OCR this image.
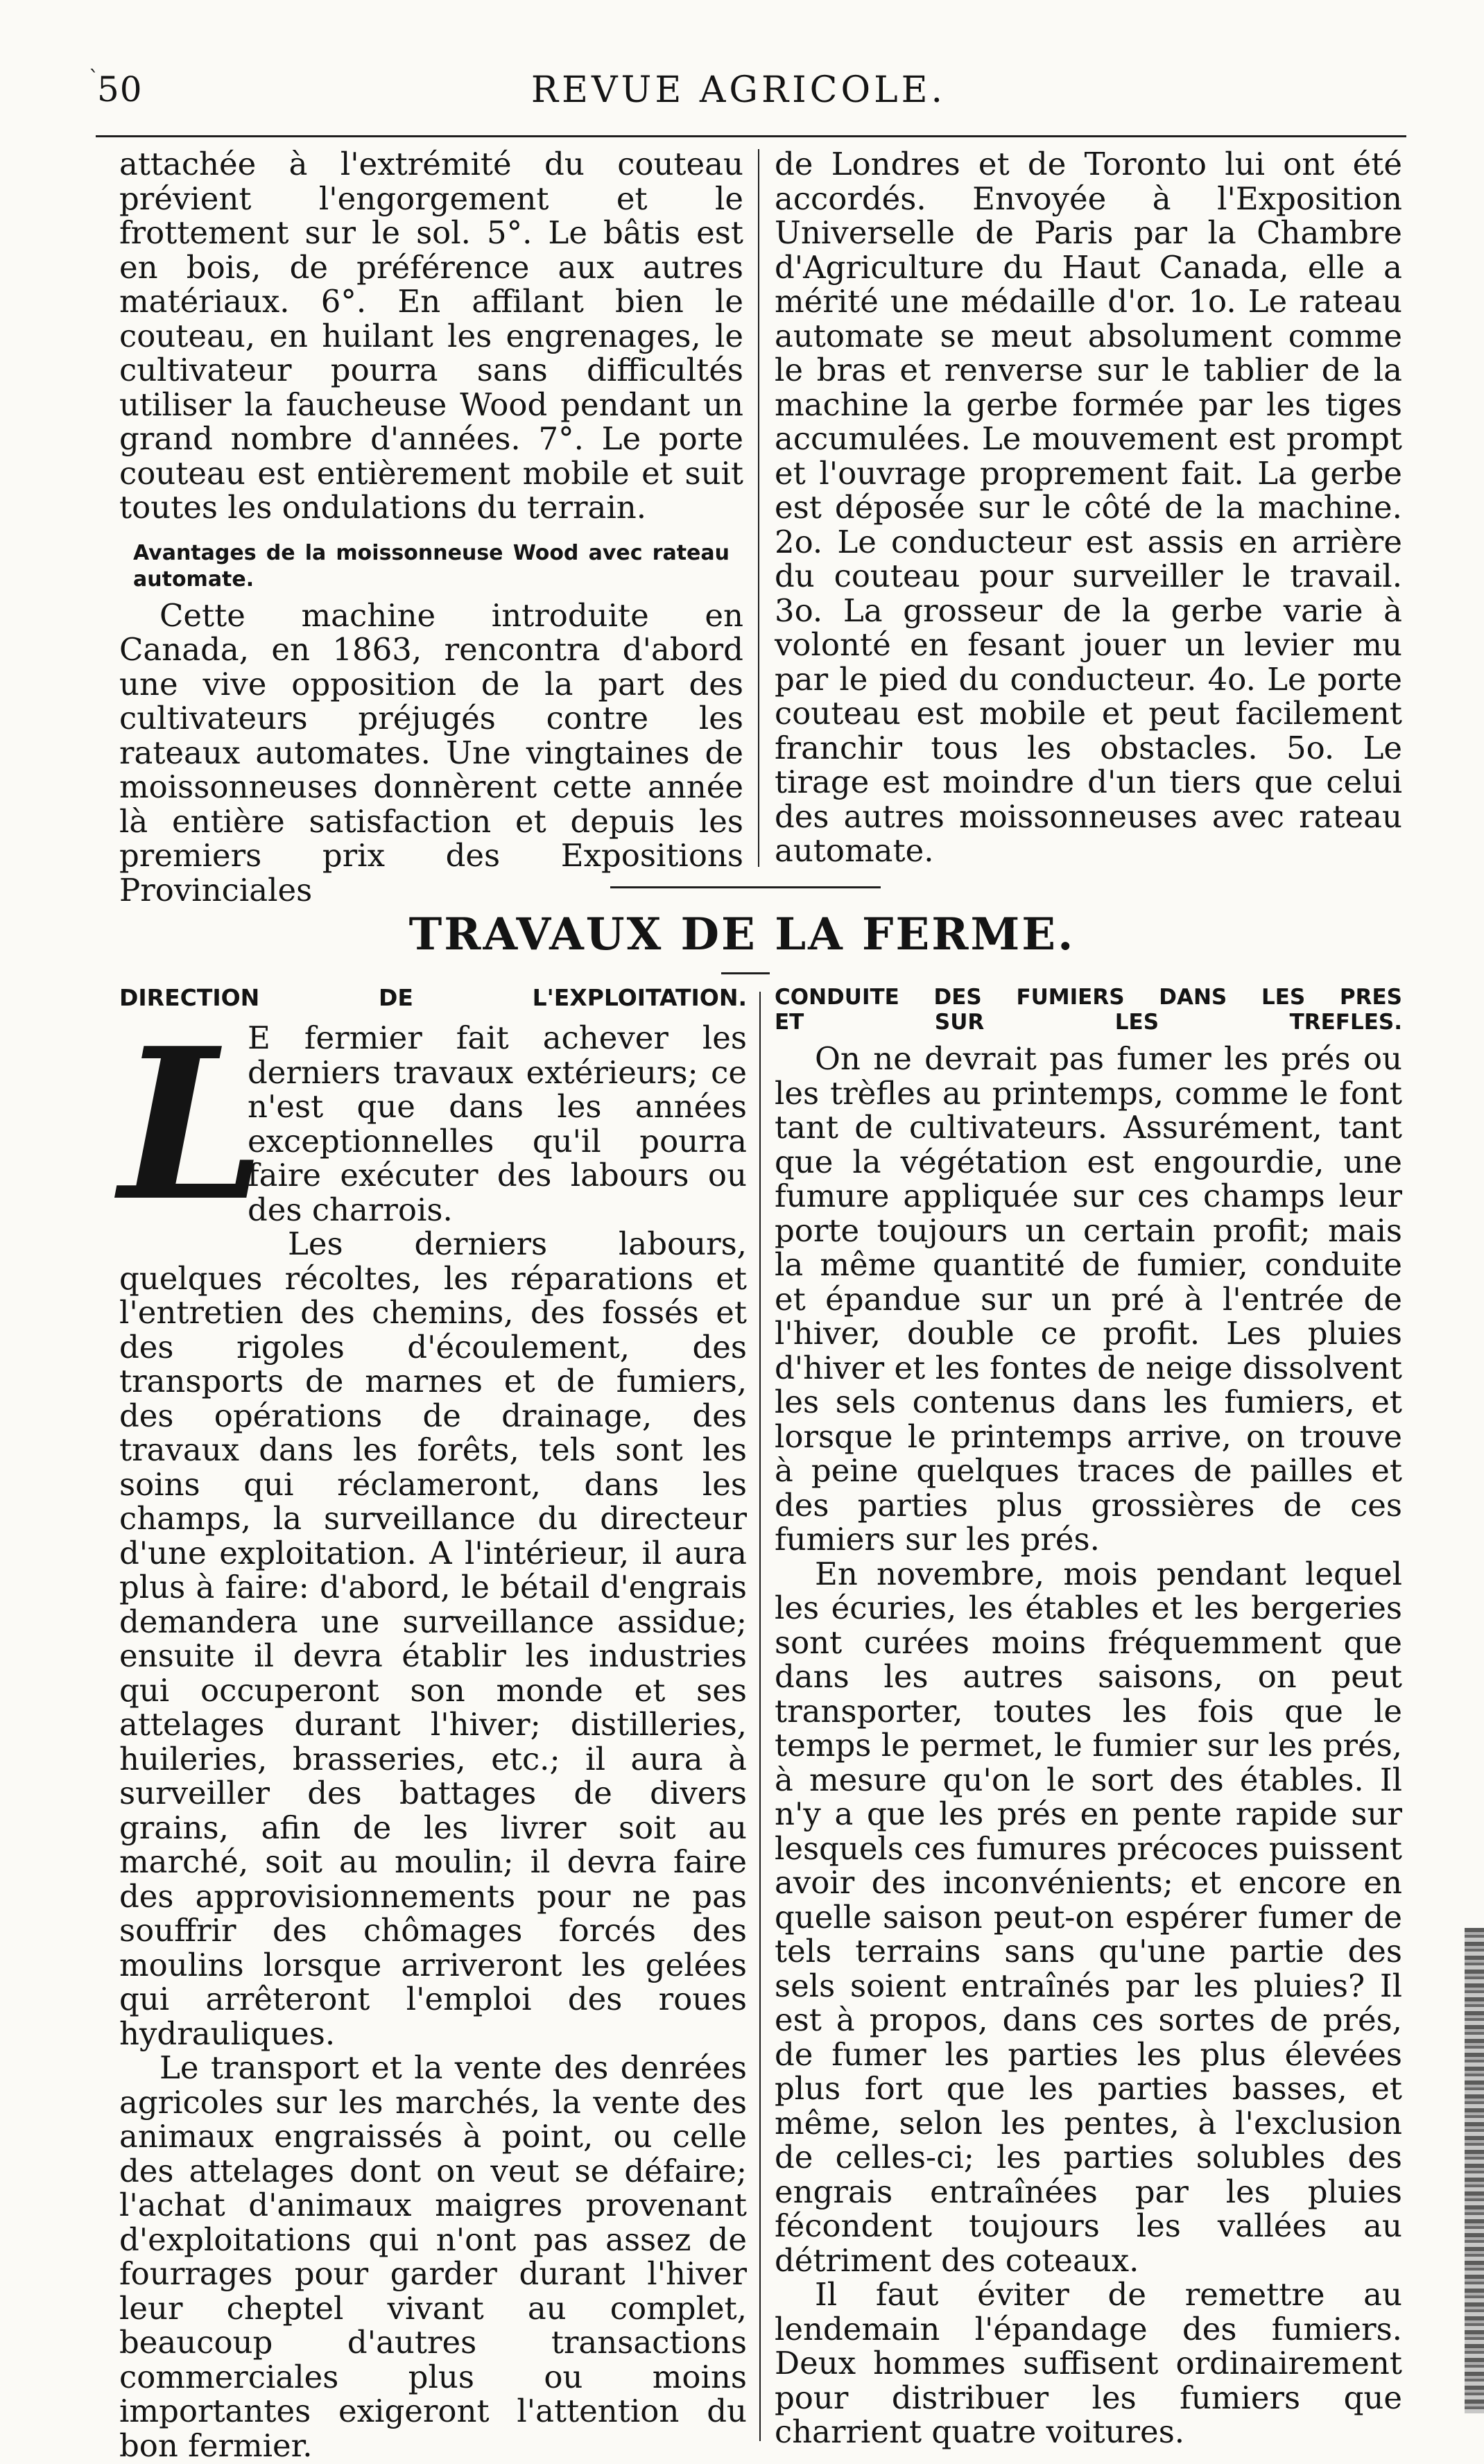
ˋ
50	REVUE AGRICOLE.

attachée à l'extrémité du couteau prévient l'engorgement et le frottement sur le sol. 5°. Le bâtis est en bois, de préférence aux autres matériaux. 6°. En affilant bien le couteau, en huilant les engrenages, le cultivateur pourra sans difficultés utiliser la faucheuse Wood pendant un grand nombre d'années. 7°. Le porte couteau est entièrement mobile et suit toutes les ondulations du terrain.

Avantages de la moissonneuse Wood avec rateau automate.

Cette machine introduite en Canada, en 1863, rencontra d'abord une vive opposition de la part des cultivateurs préjugés contre les rateaux automates. Une vingtaines de moissonneuses donnèrent cette année là entière satisfaction et depuis les premiers prix des Expositions Provinciales

de Londres et de Toronto lui ont été accordés. Envoyée à l'Exposition Universelle de Paris par la Chambre d'Agriculture du Haut Canada, elle a mérité une médaille d'or. 1o. Le rateau automate se meut absolument comme le bras et renverse sur le tablier de la machine la gerbe formée par les tiges accumulées. Le mouvement est prompt et l'ouvrage proprement fait. La gerbe est déposée sur le côté de la machine. 2o. Le conducteur est assis en arrière du couteau pour surveiller le travail. 3o. La grosseur de la gerbe varie à volonté en fesant jouer un levier mu par le pied du conducteur. 4o. Le porte couteau est mobile et peut facilement franchir tous les obstacles. 5o. Le tirage est moindre d'un tiers que celui des autres moissonneuses avec rateau automate.

TRAVAUX DE LA FERME.

DIRECTION DE L'EXPLOITATION.

L
E fermier fait achever les derniers travaux extérieurs; ce n'est que dans les années exceptionnelles qu'il pourra faire exécuter des labours ou des charrois.

Les derniers labours, quelques récoltes, les réparations et l'entretien des chemins, des fossés et des rigoles d'écoulement, des transports de marnes et de fumiers, des opérations de drainage, des travaux dans les forêts, tels sont les soins qui réclameront, dans les champs, la surveillance du directeur d'une exploitation. A l'intérieur, il aura plus à faire: d'abord, le bétail d'engrais demandera une surveillance assidue; ensuite il devra établir les industries qui occuperont son monde et ses attelages durant l'hiver; distilleries, huileries, brasseries, etc.; il aura à surveiller des battages de divers grains, afin de les livrer soit au marché, soit au moulin; il devra faire des approvisionnements pour ne pas souffrir des chômages forcés des moulins lorsque arriveront les gelées qui arrêteront l'emploi des roues hydrauliques.

Le transport et la vente des denrées agricoles sur les marchés, la vente des animaux engraissés à point, ou celle des attelages dont on veut se défaire; l'achat d'animaux maigres provenant d'exploitations qui n'ont pas assez de fourrages pour garder durant l'hiver leur cheptel vivant au complet, beaucoup d'autres transactions commerciales plus ou moins importantes exigeront l'attention du bon fermier.

CONDUITE DES FUMIERS DANS LES PRES

ET SUR LES TREFLES.

On ne devrait pas fumer les prés ou les trèfles au printemps, comme le font tant de cultivateurs. Assurément, tant que la végétation est engourdie, une fumure appliquée sur ces champs leur porte toujours un certain profit; mais la même quantité de fumier, conduite et épandue sur un pré à l'entrée de l'hiver, double ce profit. Les pluies d'hiver et les fontes de neige dissolvent les sels contenus dans les fumiers, et lorsque le printemps arrive, on trouve à peine quelques traces de pailles et des parties plus grossières de ces fumiers sur les prés.

En novembre, mois pendant lequel les écuries, les étables et les bergeries sont curées moins fréquemment que dans les autres saisons, on peut transporter, toutes les fois que le temps le permet, le fumier sur les prés, à mesure qu'on le sort des étables. Il n'y a que les prés en pente rapide sur lesquels ces fumures précoces puissent avoir des inconvénients; et encore en quelle saison peut-on espérer fumer de tels terrains sans qu'une partie des sels soient entraînés par les pluies? Il est à propos, dans ces sortes de prés, de fumer les parties les plus élevées plus fort que les parties basses, et même, selon les pentes, à l'exclusion de celles-ci; les parties solubles des engrais entraînées par les pluies fécondent toujours les vallées au détriment des coteaux.

Il faut éviter de remettre au lendemain l'épandage des fumiers. Deux hommes suffisent ordinairement pour distribuer les fumiers que charrient quatre voitures.
